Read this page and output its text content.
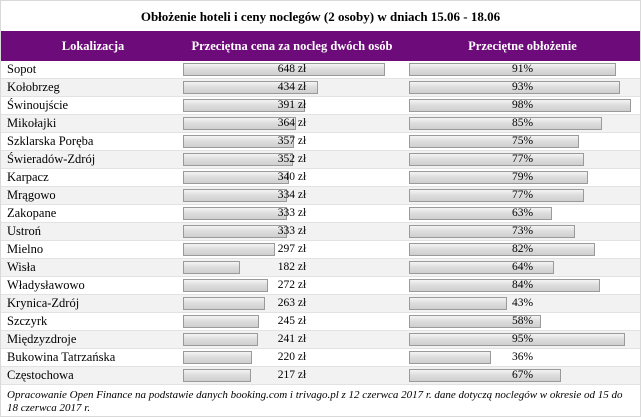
Obłożenie hoteli i ceny noclegów (2 osoby) w dniach 15.06 - 18.06
Lokalizacja	Przeciętna cena za nocleg dwóch osób	Przeciętne obłożenie
Sopot	648 zł	91%
Kołobrzeg	434 zł	93%
Świnoujście	391 zł	98%
Mikołajki	364 zł	85%
Szklarska Poręba	357 zł	75%
Świeradów-Zdrój	352 zł	77%
Karpacz	340 zł	79%
Mrągowo	334 zł	77%
Zakopane	333 zł	63%
Ustroń	333 zł	73%
Mielno	297 zł	82%
Wisła	182 zł	64%
Władysławowo	272 zł	84%
Krynica-Zdrój	263 zł	43%
Szczyrk	245 zł	58%
Międzyzdroje	241 zł	95%
Bukowina Tatrzańska	220 zł	36%
Częstochowa	217 zł	67%
Opracowanie Open Finance na podstawie danych booking.com i trivago.pl z 12 czerwca 2017 r. dane dotyczą noclegów w okresie od 15 do 18 czerwca 2017 r.
